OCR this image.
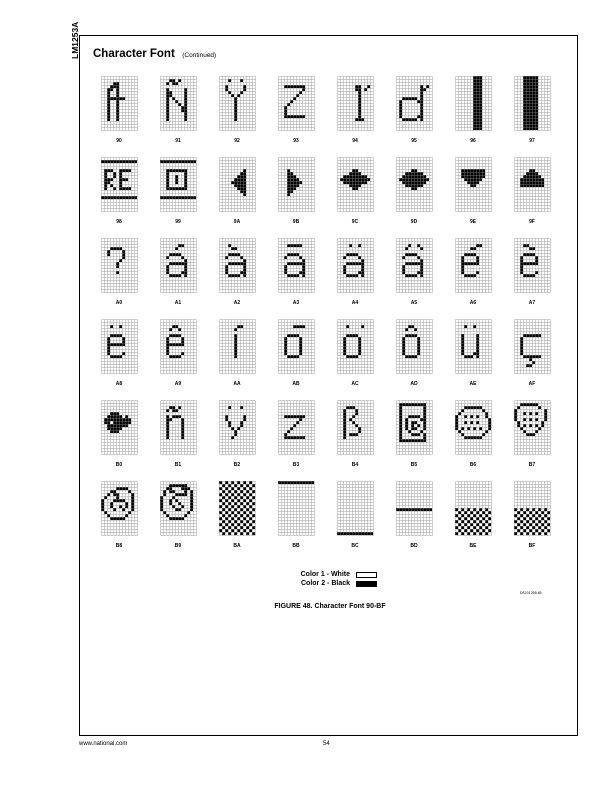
LM1253A	Character Font (Continued)
90	91	92	93	94	95	96	97
98	99	9A	9B	9C	9D	9E	9F
A0	A1	A2	A3	A4	A5	A6	A7
A8	A9	AA	AB	AC	AD	AE	AF
B0	B1	B2	B3	B4	B5	B6	B7
B8	B9	BA	BB	BC	BD	BE	BF
Color 1 - White
Color 2 - Black
DS101265-65
FIGURE 48. Character Font 90-BF
www.national.com	54
